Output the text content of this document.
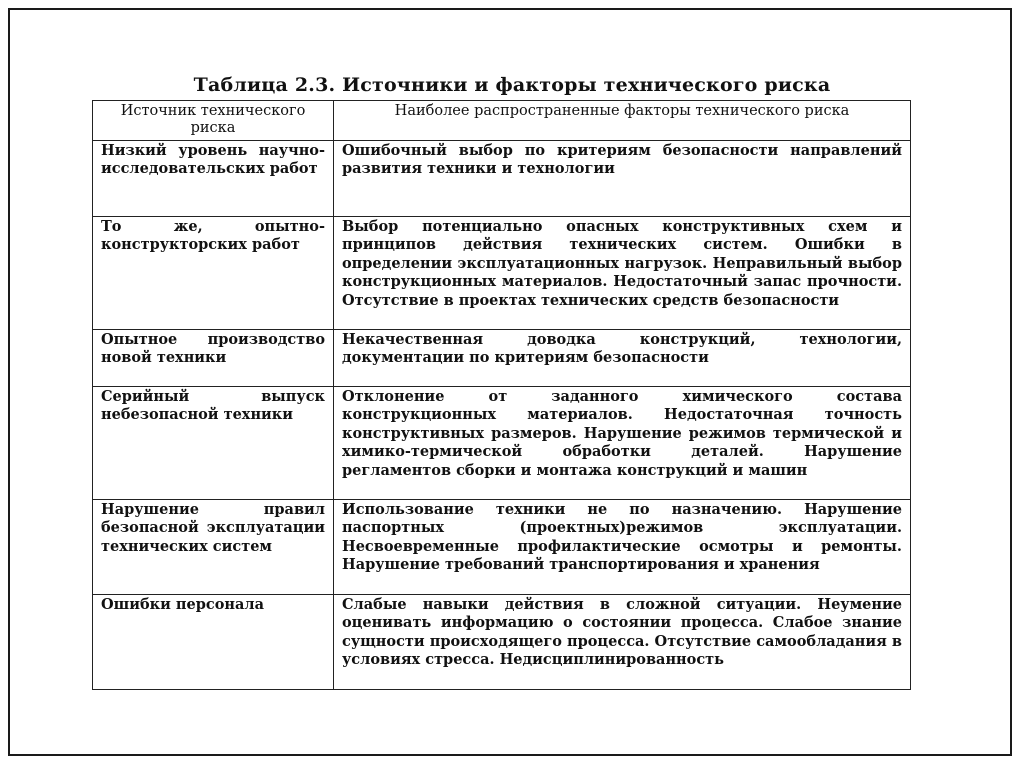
Таблица 2.3. Источники и факторы технического риска
Источник технического риска	Наиболее распространенные факторы технического риска
Низкий уровень научно-исследовательских работ	Ошибочный выбор по критериям безопасности направлений развития техники и технологии
То же, опытно-конструкторских работ	Выбор потенциально опасных конструктивных схем и принципов действия технических систем. Ошибки в определении эксплуатационных нагрузок. Неправильный выбор конструкционных материалов. Недостаточный запас прочности. Отсутствие в проектах технических средств безопасности
Опытное производство новой техники	Некачественная доводка конструкций, технологии, документации по критериям безопасности
Серийный выпуск небезопасной техники	Отклонение от заданного химического состава конструкционных материалов. Недостаточная точность конструктивных размеров. Нарушение режимов термической и химико-термической обработки деталей. Нарушение регламентов сборки и монтажа конструкций и машин
Нарушение правил безопасной эксплуатации технических систем	Использование техники не по назначению. Нарушение паспортных (проектных)режимов эксплуатации. Несвоевременные профилактические осмотры и ремонты. Нарушение требований транспортирования и хранения
Ошибки персонала	Слабые навыки действия в сложной ситуации. Неумение оценивать информацию о состоянии процесса. Слабое знание сущности происходящего процесса. Отсутствие самообладания в условиях стресса. Недисциплинированность
